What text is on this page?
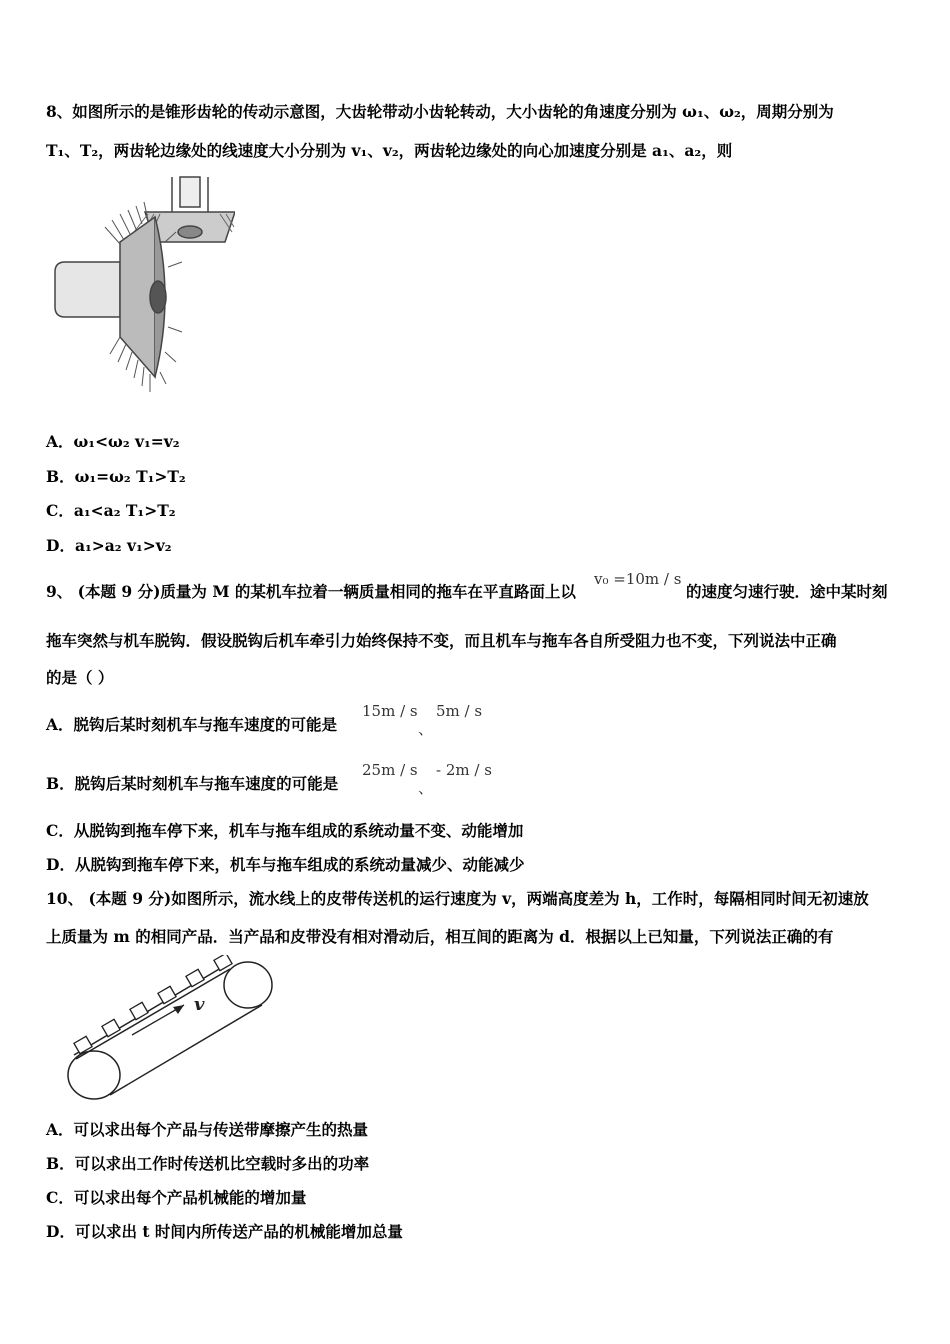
8、如图所示的是锥形齿轮的传动示意图，大齿轮带动小齿轮转动，大小齿轮的角速度分别为 ω₁、ω₂，周期分别为
T₁、T₂，两齿轮边缘处的线速度大小分别为 v₁、v₂，两齿轮边缘处的向心加速度分别是 a₁、a₂，则
A．ω₁<ω₂ v₁=v₂
B．ω₁=ω₂ T₁>T₂
C．a₁<a₂ T₁>T₂
D．a₁>a₂ v₁>v₂
9、 (本题 9 分)质量为 M 的某机车拉着一辆质量相同的拖车在平直路面上以
v₀ =10m / s
的速度匀速行驶．途中某时刻
拖车突然与机车脱钩．假设脱钩后机车牵引力始终保持不变，而且机车与拖车各自所受阻力也不变，下列说法中正确
的是（ ）
A．脱钩后某时刻机车与拖车速度的可能是
15m / s
、
5m / s
B．脱钩后某时刻机车与拖车速度的可能是
25m / s
、
- 2m / s
C．从脱钩到拖车停下来，机车与拖车组成的系统动量不变、动能增加
D．从脱钩到拖车停下来，机车与拖车组成的系统动量减少、动能减少
10、 (本题 9 分)如图所示，流水线上的皮带传送机的运行速度为 v，两端高度差为 h，工作时，每隔相同时间无初速放
上质量为 m 的相同产品．当产品和皮带没有相对滑动后，相互间的距离为 d．根据以上已知量，下列说法正确的有
v
A．可以求出每个产品与传送带摩擦产生的热量
B．可以求出工作时传送机比空载时多出的功率
C．可以求出每个产品机械能的增加量
D．可以求出 t 时间内所传送产品的机械能增加总量
